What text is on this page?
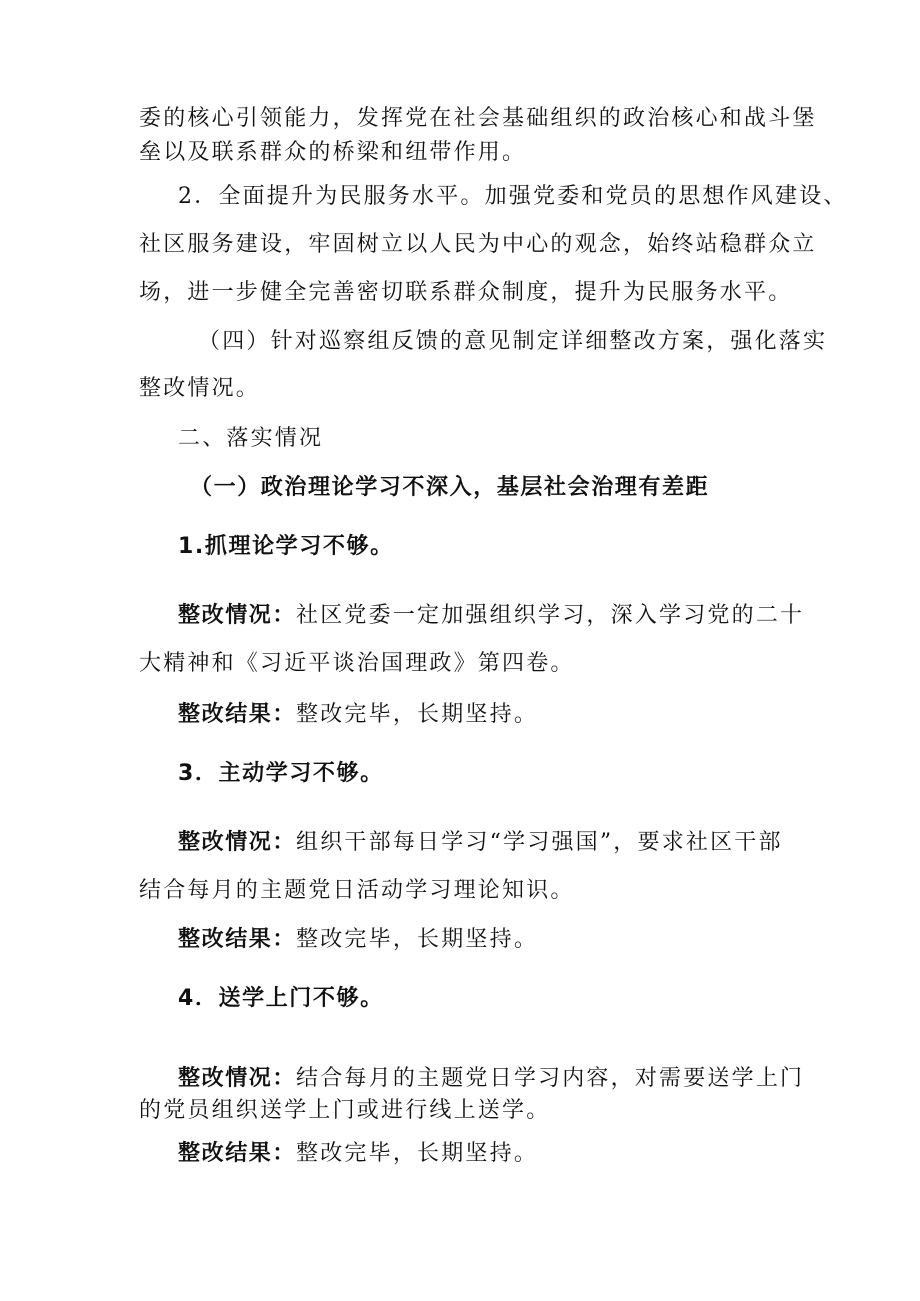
委的核心引领能力，发挥党在社会基础组织的政治核心和战斗堡
垒以及联系群众的桥梁和纽带作用。
2．全面提升为民服务水平。加强党委和党员的思想作风建设、
社区服务建设，牢固树立以人民为中心的观念，始终站稳群众立
场，进一步健全完善密切联系群众制度，提升为民服务水平。
（四）针对巡察组反馈的意见制定详细整改方案，强化落实
整改情况。
二、落实情况
（一）政治理论学习不深入，基层社会治理有差距
1.抓理论学习不够。
整改情况：社区党委一定加强组织学习，深入学习党的二十
大精神和《习近平谈治国理政》第四卷。
整改结果：整改完毕，长期坚持。
3．主动学习不够。
整改情况：组织干部每日学习“学习强国”，要求社区干部
结合每月的主题党日活动学习理论知识。
整改结果：整改完毕，长期坚持。
4．送学上门不够。
整改情况：结合每月的主题党日学习内容，对需要送学上门
的党员组织送学上门或进行线上送学。
整改结果：整改完毕，长期坚持。
